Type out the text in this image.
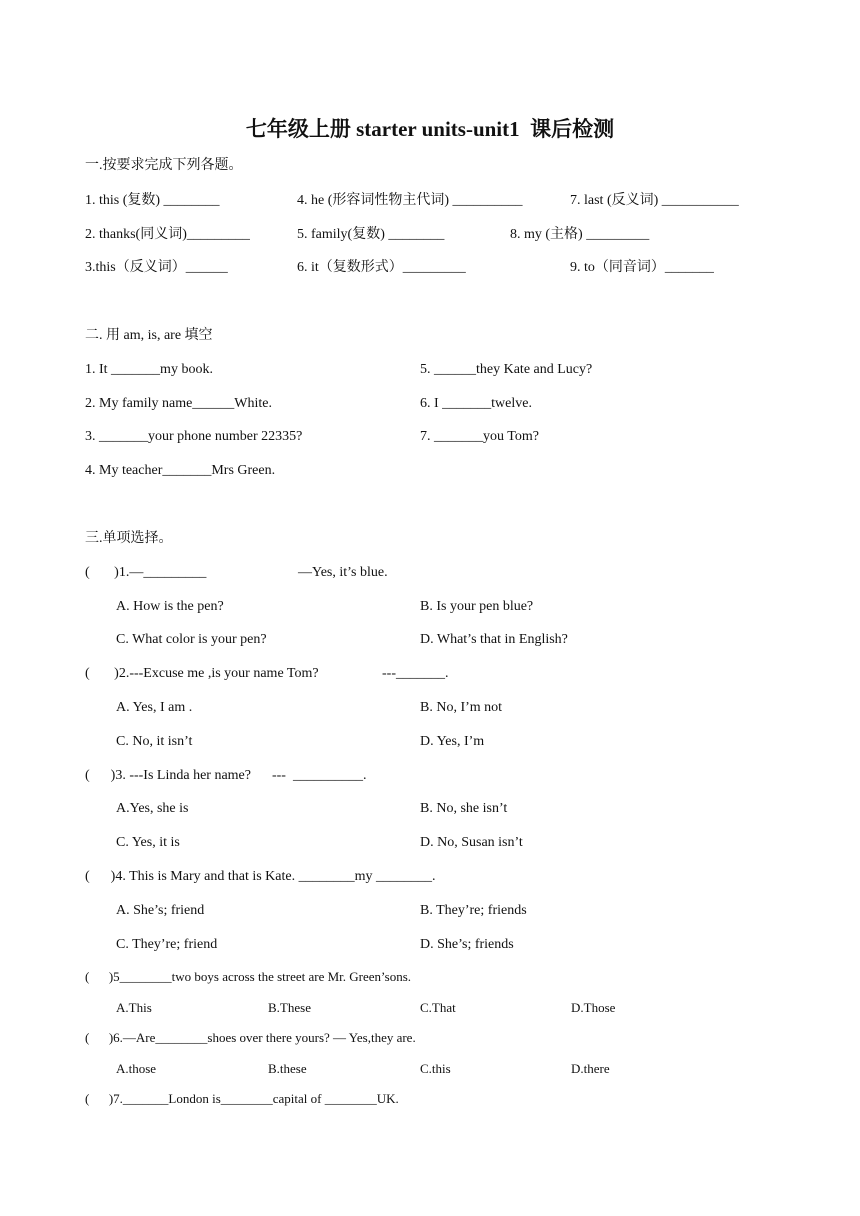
七年级上册 starter units-unit1  课后检测
一.按要求完成下列各题。
1. this (复数) ________	4. he (形容词性物主代词) __________	7. last (反义词) ___________
2. thanks(同义词)_________	5. family(复数) ________	8. my (主格) _________
3.this（反义词）______	6. it（复数形式）_________	9. to（同音词）_______
二. 用 am, is, are 填空
1. It _______my book.	5. ______they Kate and Lucy?
2. My family name______White.	6. I _______twelve.
3. _______your phone number 22335?	7. _______you Tom?
4. My teacher_______Mrs Green.
三.单项选择。
(       )1.—_________	—Yes, it’s blue.
A. How is the pen?	B. Is your pen blue?
C. What color is your pen?	D. What’s that in English?
(       )2.---Excuse me ,is your name Tom?	---_______.
A. Yes, I am .	B. No, I’m not
C. No, it isn’t	D. Yes, I’m
(      )3. ---Is Linda her name?      ---  __________.
A.Yes, she is	B. No, she isn’t
C. Yes, it is	D. No, Susan isn’t
(      )4. This is Mary and that is Kate. ________my ________.
A. She’s; friend	B. They’re; friends
C. They’re; friend	D. She’s; friends
(      )5________two boys across the street are Mr. Green’sons.
A.This	B.These	C.That	D.Those
(      )6.—Are________shoes over there yours? — Yes,they are.
A.those	B.these	C.this	D.there
(      )7._______London is________capital of ________UK.
